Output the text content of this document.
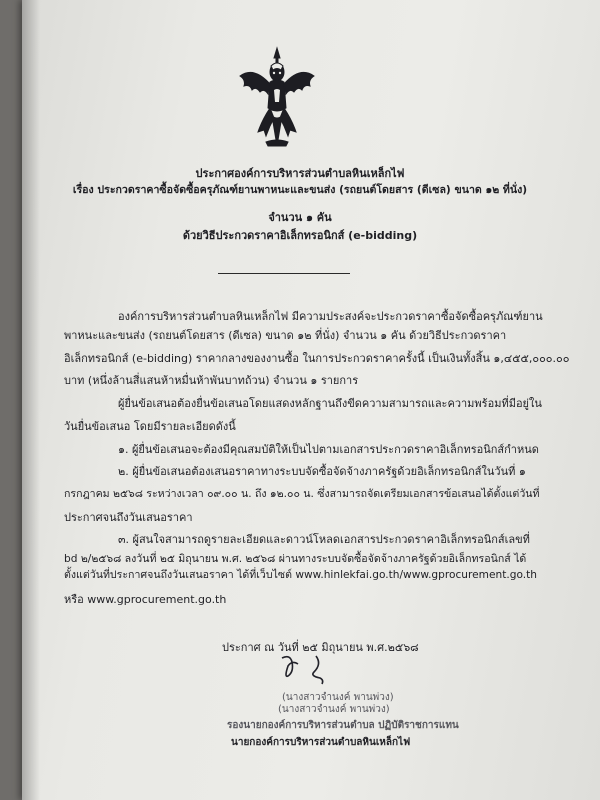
ประกาศองค์การบริหารส่วนตำบลหินเหล็กไฟ
เรื่อง ประกวดราคาซื้อจัดซื้อครุภัณฑ์ยานพาหนะและขนส่ง (รถยนต์โดยสาร (ดีเซล) ขนาด ๑๒ ที่นั่ง)
จำนวน ๑ คัน
ด้วยวิธีประกวดราคาอิเล็กทรอนิกส์ (e-bidding)
องค์การบริหารส่วนตำบลหินเหล็กไฟ มีความประสงค์จะประกวดราคาซื้อจัดซื้อครุภัณฑ์ยาน
พาหนะและขนส่ง (รถยนต์โดยสาร (ดีเซล) ขนาด ๑๒ ที่นั่ง) จำนวน ๑ คัน ด้วยวิธีประกวดราคา
อิเล็กทรอนิกส์ (e-bidding) ราคากลางของงานซื้อ ในการประกวดราคาครั้งนี้ เป็นเงินทั้งสิ้น ๑,๔๕๕,๐๐๐.๐๐
บาท (หนึ่งล้านสี่แสนห้าหมื่นห้าพันบาทถ้วน) จำนวน ๑ รายการ
ผู้ยื่นข้อเสนอต้องยื่นข้อเสนอโดยแสดงหลักฐานถึงขีดความสามารถและความพร้อมที่มีอยู่ใน
วันยื่นข้อเสนอ โดยมีรายละเอียดดังนี้
๑. ผู้ยื่นข้อเสนอจะต้องมีคุณสมบัติให้เป็นไปตามเอกสารประกวดราคาอิเล็กทรอนิกส์กำหนด
๒. ผู้ยื่นข้อเสนอต้องเสนอราคาทางระบบจัดซื้อจัดจ้างภาครัฐด้วยอิเล็กทรอนิกส์ในวันที่ ๑
กรกฎาคม ๒๕๖๘ ระหว่างเวลา ๐๙.๐๐ น. ถึง ๑๒.๐๐ น. ซึ่งสามารถจัดเตรียมเอกสารข้อเสนอได้ตั้งแต่วันที่
ประกาศจนถึงวันเสนอราคา
๓. ผู้สนใจสามารถดูรายละเอียดและดาวน์โหลดเอกสารประกวดราคาอิเล็กทรอนิกส์เลขที่
bd ๒/๒๕๖๘ ลงวันที่ ๒๕ มิถุนายน พ.ศ. ๒๕๖๘ ผ่านทางระบบจัดซื้อจัดจ้างภาครัฐด้วยอิเล็กทรอนิกส์ ได้
ตั้งแต่วันที่ประกาศจนถึงวันเสนอราคา ได้ที่เว็บไซต์ www.hinlekfai.go.th/www.gprocurement.go.th
หรือ www.gprocurement.go.th
ประกาศ ณ วันที่ ๒๕ มิถุนายน พ.ศ.๒๕๖๘
(นางสาวจำนงค์ พานพ่วง)
(นางสาวจำนงค์ พานพ่วง)
รองนายกองค์การบริหารส่วนตำบล ปฏิบัติราชการแทน
นายกองค์การบริหารส่วนตำบลหินเหล็กไฟ
